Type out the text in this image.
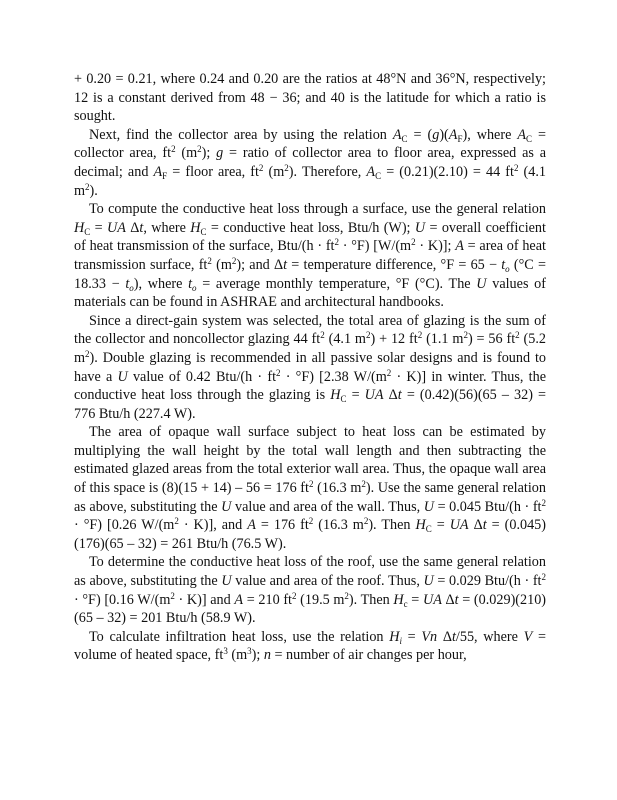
+ 0.20 = 0.21, where 0.24 and 0.20 are the ratios at 48°N and 36°N, respectively; 12 is a constant derived from 48 − 36; and 40 is the latitude for which a ratio is sought.

Next, find the collector area by using the relation $A_C = (g)(A_F)$, where $A_C$ = collector area, $ft^2$ $(m^2)$; g = ratio of collector area to floor area, expressed as a decimal; and $A_F$ = floor area, $ft^2$ $(m^2)$. Therefore, $A_C = (0.21)(2.10) = 44$ $ft^2$ (4.1 $m^2$).

To compute the conductive heat loss through a surface, use the general relation $H_C$ = UA Δt, where $H_C$ = conductive heat loss, Btu/h (W); U = overall coefficient of heat transmission of the surface, $Btu/(h \cdot ft^2 \cdot ^\circ F)$ $[W/(m^2 \cdot K)]$; A = area of heat transmission surface, $ft^2$ $(m^2)$; and Δt = temperature difference, $^\circ F = 65 - t_o$ $(^\circ C = 18.33 - t_o)$, where $t_o$ = average monthly temperature, °F (°C). The U values of materials can be found in ASHRAE and architectural handbooks.

Since a direct-gain system was selected, the total area of glazing is the sum of the collector and noncollector glazing 44 $ft^2$ (4.1 $m^2) + 12$ $ft^2$ (1.1 $m^2) = 56$ $ft^2$ (5.2 $m^2$). Double glazing is recommended in all passive solar designs and is found to have a U value of 0.42 $Btu/(h \cdot ft^2 \cdot ^\circ F)$ [2.38 $W/(m^2 \cdot K)$] in winter. Thus, the conductive heat loss through the glazing is $H_C$ = UA Δt = (0.42)(56)(65 – 32) = 776 Btu/h (227.4 W).

The area of opaque wall surface subject to heat loss can be estimated by multiplying the wall height by the total wall length and then subtracting the estimated glazed areas from the total exterior wall area. Thus, the opaque wall area of this space is (8)(15 + 14) – 56 = 176 $ft^2$ (16.3 $m^2$). Use the same general relation as above, substituting the U value and area of the wall. Thus, U = 0.045 $Btu/(h \cdot ft^2 \cdot ^\circ F)$ [0.26 $W/(m^2 \cdot K)$], and A = 176 $ft^2$ (16.3 $m^2$). Then $H_C$ = UA Δt = (0.045)(176)(65 – 32) = 261 Btu/h (76.5 W).

To determine the conductive heat loss of the roof, use the same general relation as above, substituting the U value and area of the roof. Thus, U = 0.029 $Btu/(h \cdot ft^2 \cdot ^\circ F)$ [0.16 $W/(m^2 \cdot K)$] and A = 210 $ft^2$ (19.5 $m^2$). Then $H_c$ = UA Δt = (0.029)(210)(65 – 32) = 201 Btu/h (58.9 W).

To calculate infiltration heat loss, use the relation $H_i = Vn$ Δt/55, where V = volume of heated space, $ft^3$ $(m^3)$; n = number of air changes per hour,
